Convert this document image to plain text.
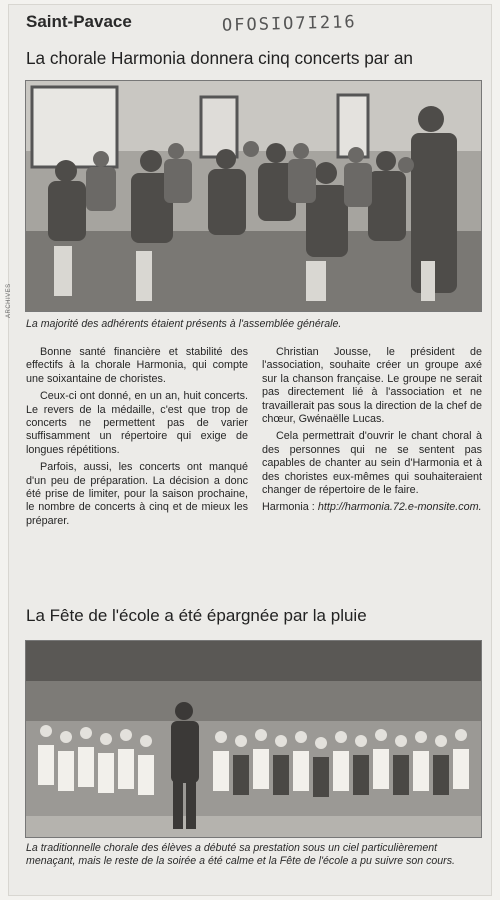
Saint-Pavace	OFOSIO7I216
ARCHIVES
La chorale Harmonia donnera cinq concerts par an
La majorité des adhérents étaient présents à l'assemblée générale.

Bonne santé financière et stabilité des effectifs à la chorale Harmonia, qui compte une soixantaine de choristes.

Ceux-ci ont donné, en un an, huit concerts. Le revers de la médaille, c'est que trop de concerts ne permettent pas de varier suffisamment un répertoire qui exige de longues répétitions.

Parfois, aussi, les concerts ont manqué d'un peu de préparation. La décision a donc été prise de limiter, pour la saison prochaine, le nombre de concerts à cinq et de mieux les préparer.

Christian Jousse, le président de l'association, souhaite créer un groupe axé sur la chanson française. Le groupe ne serait pas directement lié à l'association et ne travaillerait pas sous la direction de la chef de chœur, Gwénaëlle Lucas.

Cela permettrait d'ouvrir le chant choral à des personnes qui ne se sentent pas capables de chanter au sein d'Harmonia et à des choristes eux-mêmes qui souhaiteraient changer de répertoire de le faire.

Harmonia : http://harmonia.72.e-monsite.com.

La Fête de l'école a été épargnée par la pluie
La traditionnelle chorale des élèves a débuté sa prestation sous un ciel particulièrement menaçant, mais le reste de la soirée a été calme et la Fête de l'école a pu suivre son cours.
